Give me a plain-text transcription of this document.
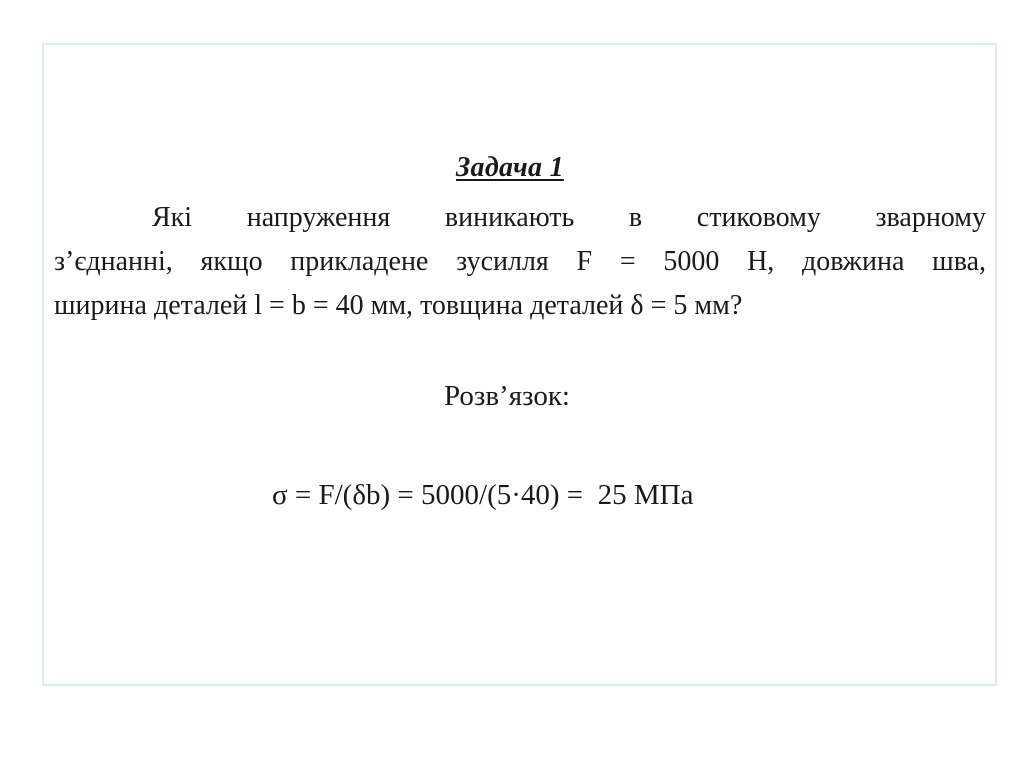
Задача 1
Які напруження виникають в стиковому зварному
з’єднанні, якщо прикладене зусилля F = 5000 Н, довжина шва,
ширина деталей l = b = 40 мм, товщина деталей δ = 5 мм?

Розв’язок:

σ = F/(δb) = 5000/(5·40) =  25 МПа
